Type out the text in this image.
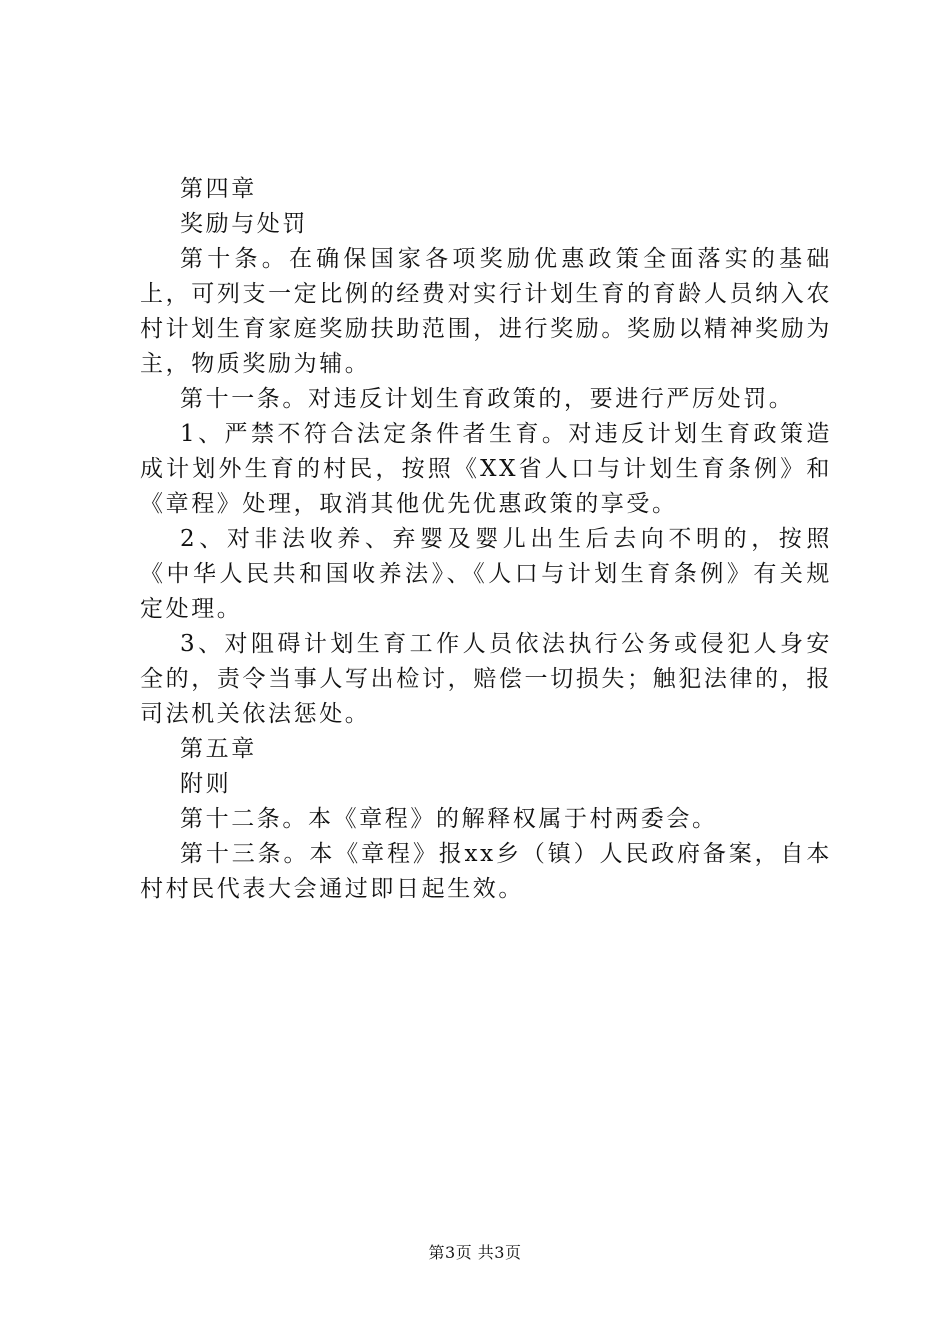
第四章

奖励与处罚

第十条。在确保国家各项奖励优惠政策全面落实的基础上，可列支一定比例的经费对实行计划生育的育龄人员纳入农村计划生育家庭奖励扶助范围，进行奖励。奖励以精神奖励为主，物质奖励为辅。

第十一条。对违反计划生育政策的，要进行严厉处罚。

1、严禁不符合法定条件者生育。对违反计划生育政策造成计划外生育的村民，按照《XX省人口与计划生育条例》和《章程》处理，取消其他优先优惠政策的享受。

2、对非法收养、弃婴及婴儿出生后去向不明的，按照《中华人民共和国收养法》、《人口与计划生育条例》有关规定处理。

3、对阻碍计划生育工作人员依法执行公务或侵犯人身安全的，责令当事人写出检讨，赔偿一切损失；触犯法律的，报司法机关依法惩处。

第五章

附则

第十二条。本《章程》的解释权属于村两委会。

第十三条。本《章程》报xx乡（镇）人民政府备案，自本村村民代表大会通过即日起生效。

第3页 共3页
